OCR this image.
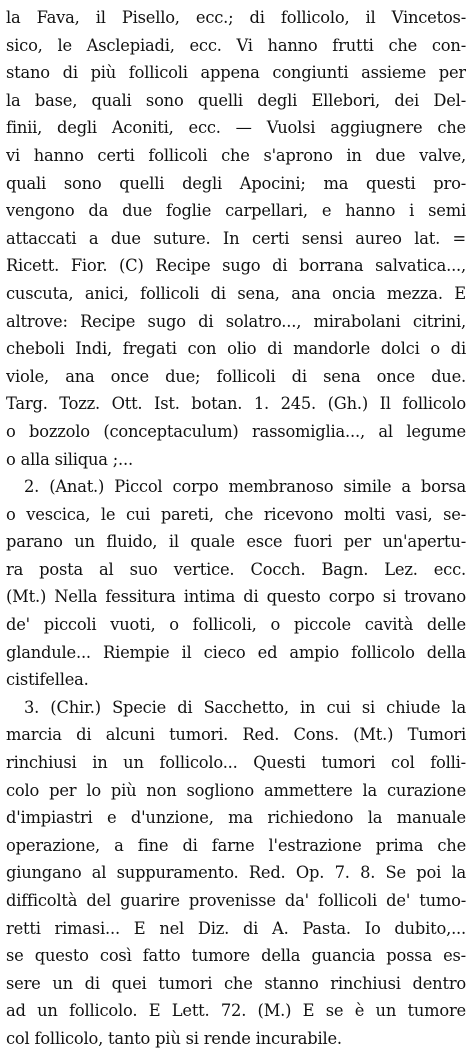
la Fava, il Pisello, ecc.; di follicolo, il Vincetos-
sico, le Asclepiadi, ecc. Vi hanno frutti che con-
stano di più follicoli appena congiunti assieme per
la base, quali sono quelli degli Ellebori, dei Del-
finii, degli Aconiti, ecc. — Vuolsi aggiugnere che
vi hanno certi follicoli che s'aprono in due valve,
quali sono quelli degli Apocini; ma questi pro-
vengono da due foglie carpellari, e hanno i semi
attaccati a due suture. In certi sensi aureo lat. =
Ricett. Fior. (C) Recipe sugo di borrana salvatica...,
cuscuta, anici, follicoli di sena, ana oncia mezza. E
altrove: Recipe sugo di solatro..., mirabolani citrini,
cheboli Indi, fregati con olio di mandorle dolci o di
viole, ana once due; follicoli di sena once due.
Targ. Tozz. Ott. Ist. botan. 1. 245. (Gh.) Il follicolo
o bozzolo (conceptaculum) rassomiglia..., al legume
o alla siliqua ;...
2. (Anat.) Piccol corpo membranoso simile a borsa
o vescica, le cui pareti, che ricevono molti vasi, se-
parano un fluido, il quale esce fuori per un'apertu-
ra posta al suo vertice. Cocch. Bagn. Lez. ecc.
(Mt.) Nella fessitura intima di questo corpo si trovano
de' piccoli vuoti, o follicoli, o piccole cavità delle
glandule... Riempie il cieco ed ampio follicolo della
cistifellea.
3. (Chir.) Specie di Sacchetto, in cui si chiude la
marcia di alcuni tumori. Red. Cons. (Mt.) Tumori
rinchiusi in un follicolo... Questi tumori col folli-
colo per lo più non sogliono ammettere la curazione
d'impiastri e d'unzione, ma richiedono la manuale
operazione, a fine di farne l'estrazione prima che
giungano al suppuramento. Red. Op. 7. 8. Se poi la
difficoltà del guarire provenisse da' follicoli de' tumo-
retti rimasi... E nel Diz. di A. Pasta. Io dubito,...
se questo così fatto tumore della guancia possa es-
sere un di quei tumori che stanno rinchiusi dentro
ad un follicolo. E Lett. 72. (M.) E se è un tumore
col follicolo, tanto più si rende incurabile.
